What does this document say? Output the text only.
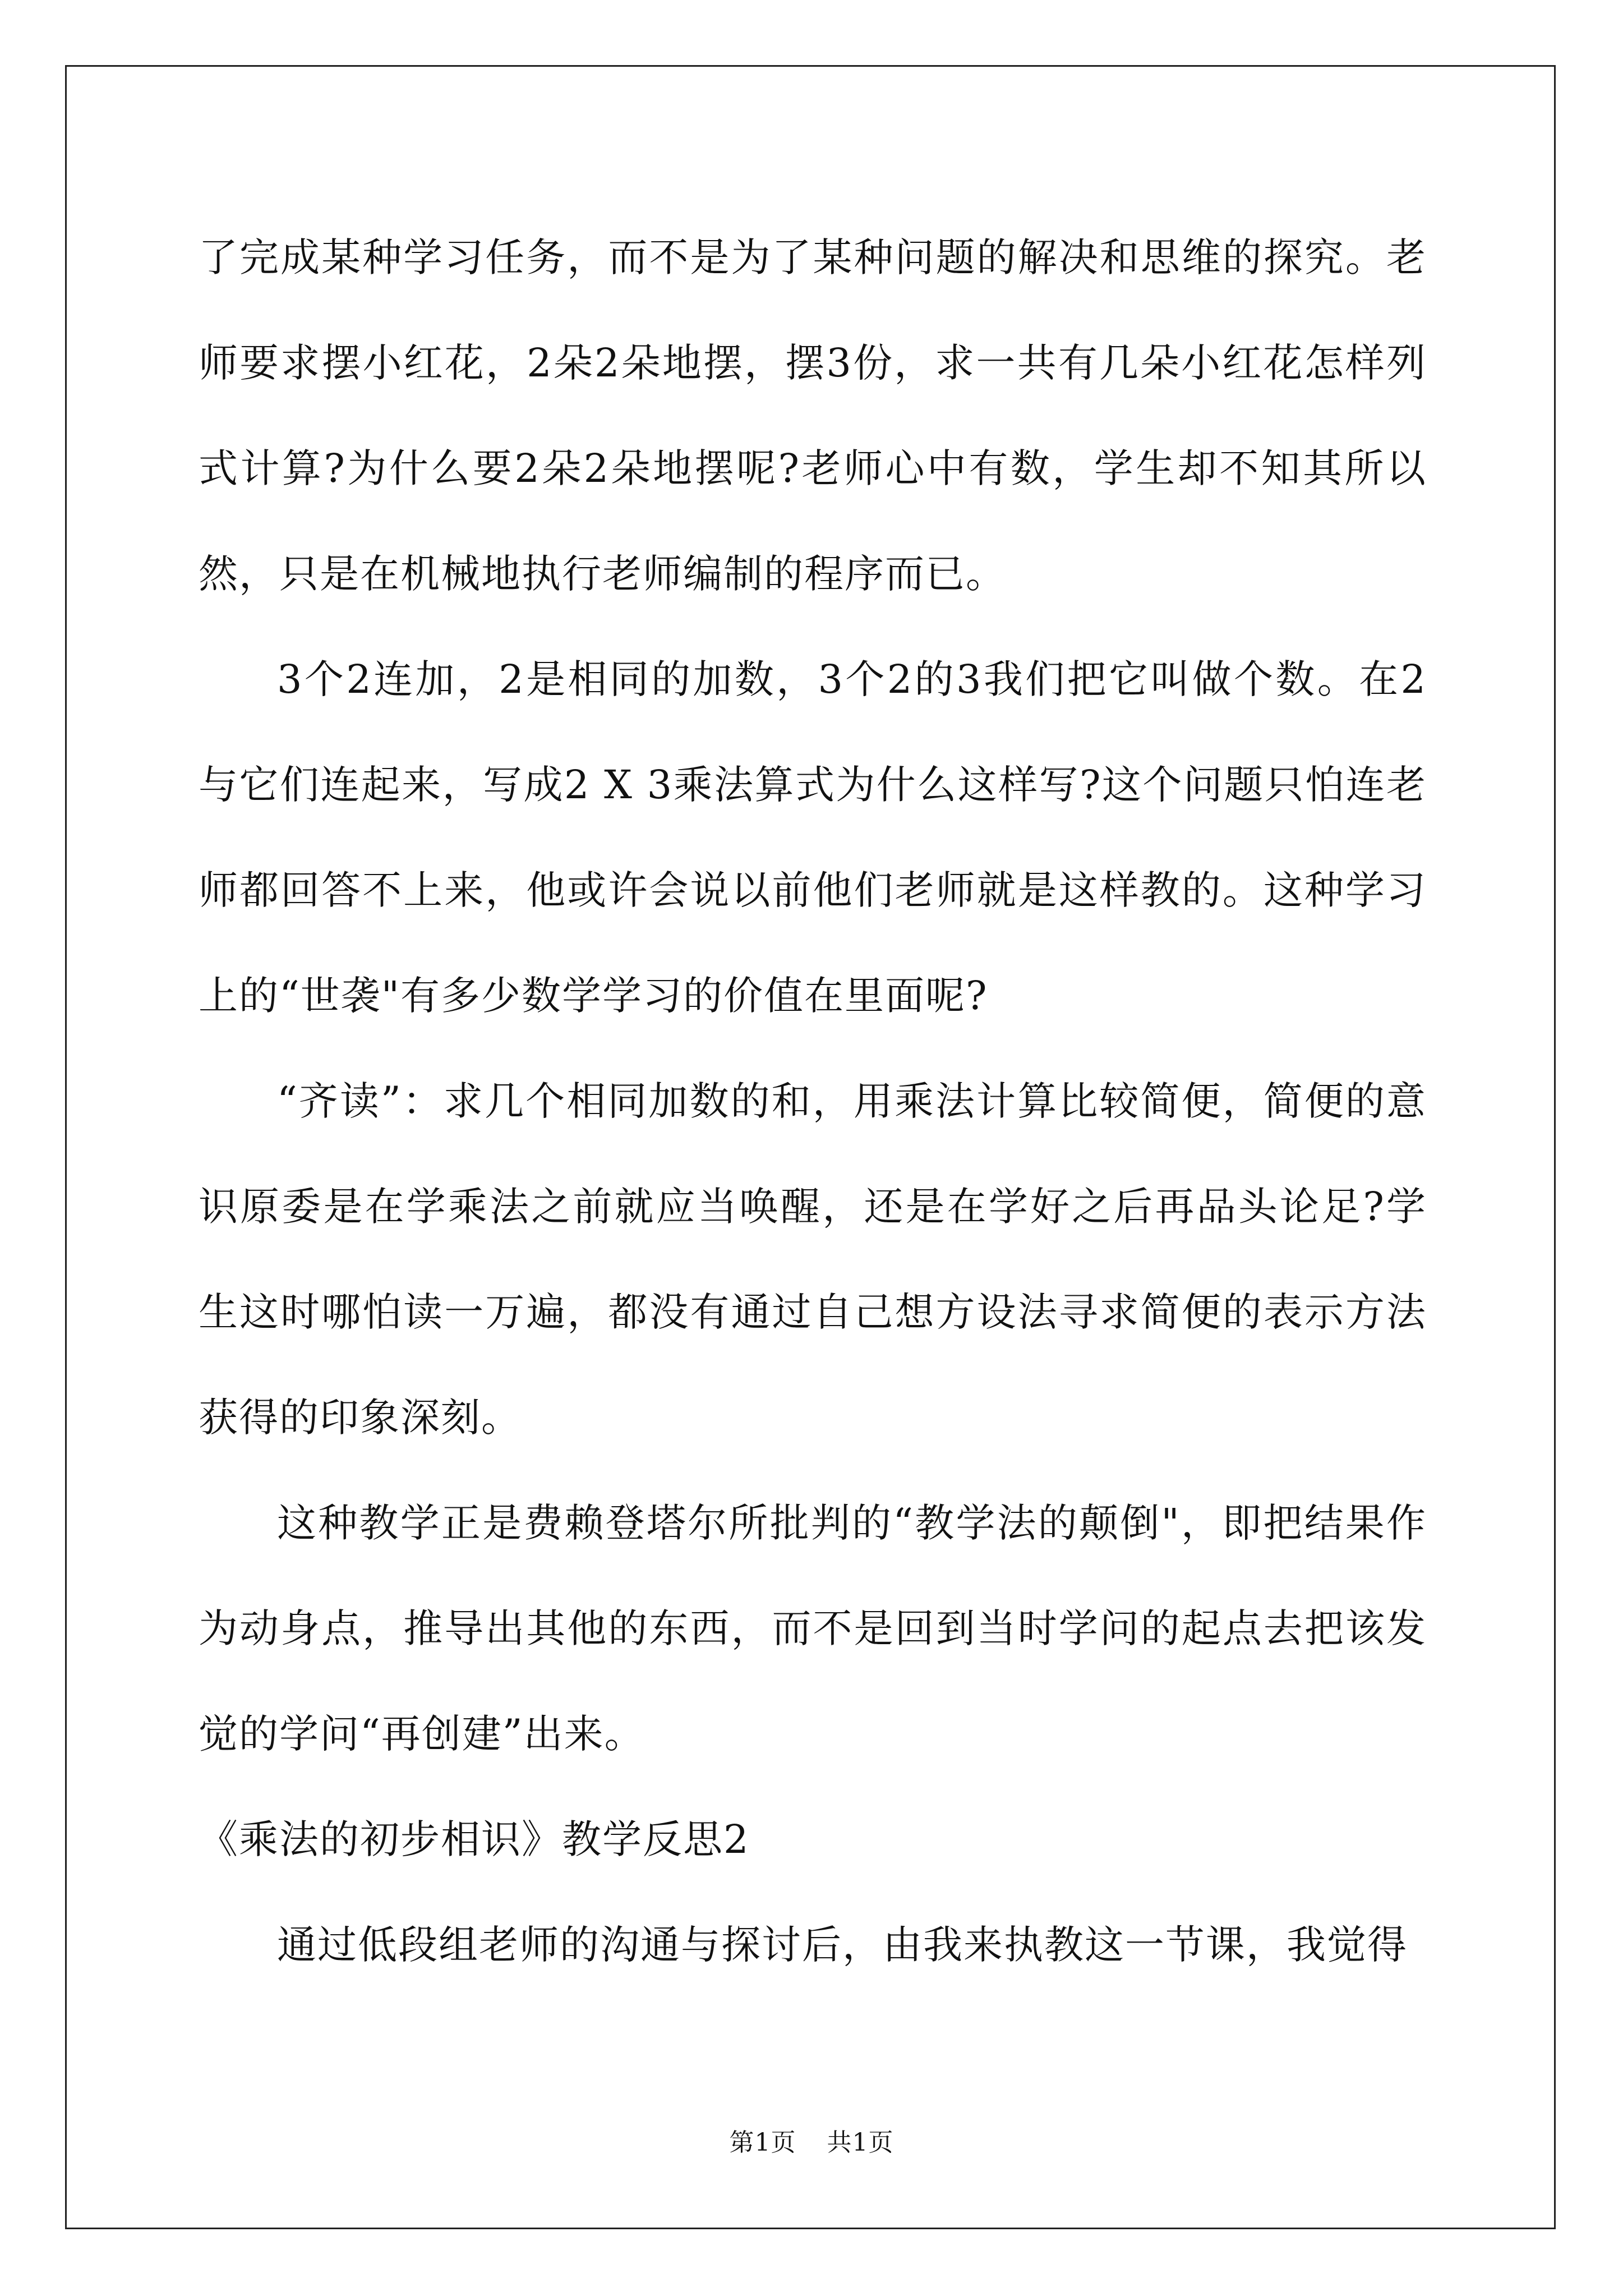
了完成某种学习任务，而不是为了某种问题的解决和思维的探究。老师要求摆小红花，2朵2朵地摆，摆3份，求一共有几朵小红花怎样列式计算?为什么要2朵2朵地摆呢?老师心中有数，学生却不知其所以然，只是在机械地执行老师编制的程序而已。

3个2连加，2是相同的加数，3个2的3我们把它叫做个数。在2与它们连起来，写成2 X 3乘法算式为什么这样写?这个问题只怕连老师都回答不上来，他或许会说以前他们老师就是这样教的。这种学习上的“世袭"有多少数学学习的价值在里面呢?

“齐读”：求几个相同加数的和，用乘法计算比较简便，简便的意识原委是在学乘法之前就应当唤醒，还是在学好之后再品头论足?学生这时哪怕读一万遍，都没有通过自己想方设法寻求简便的表示方法获得的印象深刻。

这种教学正是费赖登塔尔所批判的“教学法的颠倒"，即把结果作为动身点，推导出其他的东西，而不是回到当时学问的起点去把该发觉的学问“再创建”出来。

《乘法的初步相识》教学反思2

通过低段组老师的沟通与探讨后，由我来执教这一节课，我觉得

第1页 共1页
